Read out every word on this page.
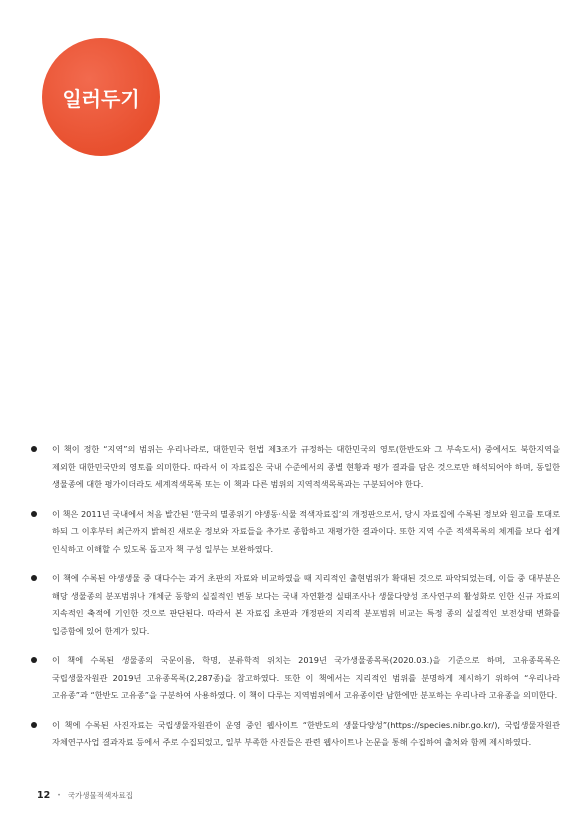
일러두기

이 책이 정한 “지역”의 범위는 우리나라로, 대한민국 헌법 제3조가 규정하는 대한민국의 영토(한반도와 그 부속도서) 중에서도 북한지역을 제외한 대한민국만의 영토를 의미한다. 따라서 이 자료집은 국내 수준에서의 종별 현황과 평가 결과를 담은 것으로만 해석되어야 하며, 동일한 생물종에 대한 평가이더라도 세계적색목록 또는 이 책과 다른 범위의 지역적색목록과는 구분되어야 한다.

이 책은 2011년 국내에서 처음 발간된 ‘한국의 멸종위기 야생동·식물 적색자료집’의 개정판으로서, 당시 자료집에 수록된 정보와 원고를 토대로 하되 그 이후부터 최근까지 밝혀진 새로운 정보와 자료들을 추가로 종합하고 재평가한 결과이다. 또한 지역 수준 적색목록의 체계를 보다 쉽게 인식하고 이해할 수 있도록 돕고자 책 구성 일부는 보완하였다.

이 책에 수록된 야생생물 중 대다수는 과거 초판의 자료와 비교하였을 때 지리적인 출현범위가 확대된 것으로 파악되었는데, 이들 중 대부분은 해당 생물종의 분포범위나 개체군 동향의 실질적인 변동 보다는 국내 자연환경 실태조사나 생물다양성 조사연구의 활성화로 인한 신규 자료의 지속적인 축적에 기인한 것으로 판단된다. 따라서 본 자료집 초판과 개정판의 지리적 분포범위 비교는 특정 종의 실질적인 보전상태 변화를 입증함에 있어 한계가 있다.

이 책에 수록된 생물종의 국문이름, 학명, 분류학적 위치는 2019년 국가생물종목록(2020.03.)을 기준으로 하며, 고유종목록은 국립생물자원관 2019년 고유종목록(2,287종)을 참고하였다. 또한 이 책에서는 지리적인 범위를 분명하게 제시하기 위하여 “우리나라 고유종”과 “한반도 고유종”을 구분하여 사용하였다. 이 책이 다루는 지역범위에서 고유종이란 남한에만 분포하는 우리나라 고유종을 의미한다.

이 책에 수록된 사진자료는 국립생물자원관이 운영 중인 웹사이트 “한반도의 생물다양성”(https://species.nibr.go.kr/), 국립생물자원관 자체연구사업 결과자료 등에서 주로 수집되었고, 일부 부족한 사진들은 관련 웹사이트나 논문을 통해 수집하여 출처와 함께 제시하였다.

12 • 국가생물적색자료집
